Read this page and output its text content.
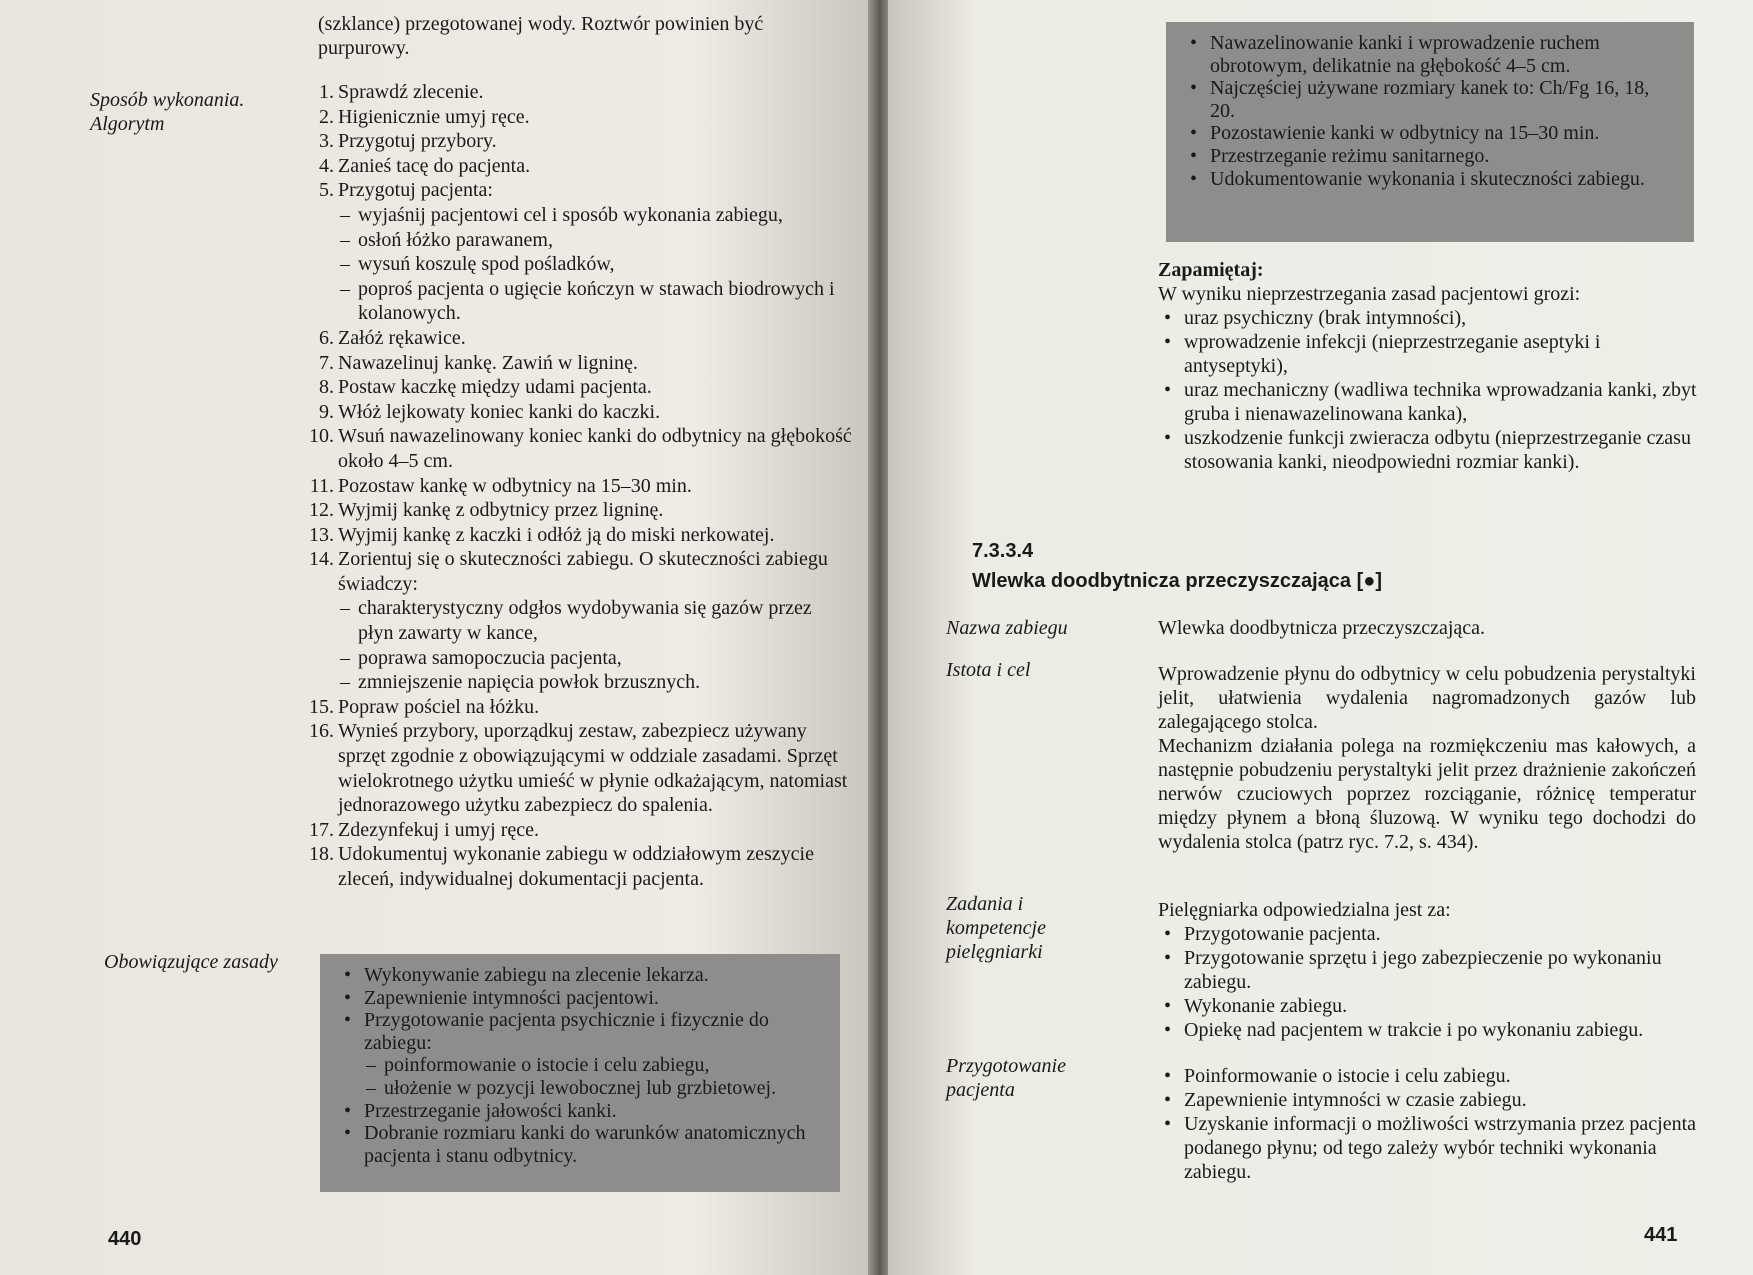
(szklance) przegotowanej wody. Roztwór powinien być
purpurowy.
Sposób wykonania. Algorytm
1. Sprawdź zlecenie.
2. Higienicznie umyj ręce.
3. Przygotuj przybory.
4. Zanieś tacę do pacjenta.
5. Przygotuj pacjenta:
– wyjaśnij pacjentowi cel i sposób wykonania zabiegu,
– osłoń łóżko parawanem,
– wysuń koszulę spod pośladków,
– poproś pacjenta o ugięcie kończyn w stawach biodrowych i kolanowych.
6. Załóż rękawice.
7. Nawazelinuj kankę. Zawiń w ligninę.
8. Postaw kaczkę między udami pacjenta.
9. Włóż lejkowaty koniec kanki do kaczki.
10. Wsuń nawazelinowany koniec kanki do odbytnicy na głębokość około 4–5 cm.
11. Pozostaw kankę w odbytnicy na 15–30 min.
12. Wyjmij kankę z odbytnicy przez ligninę.
13. Wyjmij kankę z kaczki i odłóż ją do miski nerkowatej.
14. Zorientuj się o skuteczności zabiegu. O skuteczności zabiegu świadczy:
– charakterystyczny odgłos wydobywania się gazów przez płyn zawarty w kance,
– poprawa samopoczucia pacjenta,
– zmniejszenie napięcia powłok brzusznych.
15. Popraw pościel na łóżku.
16. Wynieś przybory, uporządkuj zestaw, zabezpiecz używany sprzęt zgodnie z obowiązującymi w oddziale zasadami. Sprzęt wielokrotnego użytku umieść w płynie odkażającym, natomiast jednorazowego użytku zabezpiecz do spalenia.
17. Zdezynfekuj i umyj ręce.
18. Udokumentuj wykonanie zabiegu w oddziałowym zeszycie zleceń, indywidualnej dokumentacji pacjenta.
Obowiązujące zasady
• Wykonywanie zabiegu na zlecenie lekarza.
• Zapewnienie intymności pacjentowi.
• Przygotowanie pacjenta psychicznie i fizycznie do zabiegu:
– poinformowanie o istocie i celu zabiegu,
– ułożenie w pozycji lewobocznej lub grzbietowej.
• Przestrzeganie jałowości kanki.
• Dobranie rozmiaru kanki do warunków anatomicznych pacjenta i stanu odbytnicy.
440
• Nawazelinowanie kanki i wprowadzenie ruchem obrotowym, delikatnie na głębokość 4–5 cm.
• Najczęściej używane rozmiary kanek to: Ch/Fg 16, 18, 20.
• Pozostawienie kanki w odbytnicy na 15–30 min.
• Przestrzeganie reżimu sanitarnego.
• Udokumentowanie wykonania i skuteczności zabiegu.
Zapamiętaj:
W wyniku nieprzestrzegania zasad pacjentowi grozi:
• uraz psychiczny (brak intymności),
• wprowadzenie infekcji (nieprzestrzeganie aseptyki i antyseptyki),
• uraz mechaniczny (wadliwa technika wprowadzania kanki, zbyt gruba i nienawazelinowana kanka),
• uszkodzenie funkcji zwieracza odbytu (nieprzestrzeganie czasu stosowania kanki, nieodpowiedni rozmiar kanki).
7.3.3.4
Wlewka doodbytnicza przeczyszczająca [●]
Nazwa zabiegu	Wlewka doodbytnicza przeczyszczająca.
Istota i cel	Wprowadzenie płynu do odbytnicy w celu pobudzenia perystaltyki jelit, ułatwienia wydalenia nagromadzonych gazów lub zalegającego stolca.

Mechanizm działania polega na rozmiękczeniu mas kałowych, a następnie pobudzeniu perystaltyki jelit przez drażnienie zakończeń nerwów czuciowych poprzez rozciąganie, różnicę temperatur między płynem a błoną śluzową. W wyniku tego dochodzi do wydalenia stolca (patrz ryc. 7.2, s. 434).

Zadania i kompetencje pielęgniarki
Pielęgniarka odpowiedzialna jest za:
• Przygotowanie pacjenta.
• Przygotowanie sprzętu i jego zabezpieczenie po wykonaniu zabiegu.
• Wykonanie zabiegu.
• Opiekę nad pacjentem w trakcie i po wykonaniu zabiegu.
Przygotowanie pacjenta
• Poinformowanie o istocie i celu zabiegu.
• Zapewnienie intymności w czasie zabiegu.
• Uzyskanie informacji o możliwości wstrzymania przez pacjenta podanego płynu; od tego zależy wybór techniki wykonania zabiegu.
441
